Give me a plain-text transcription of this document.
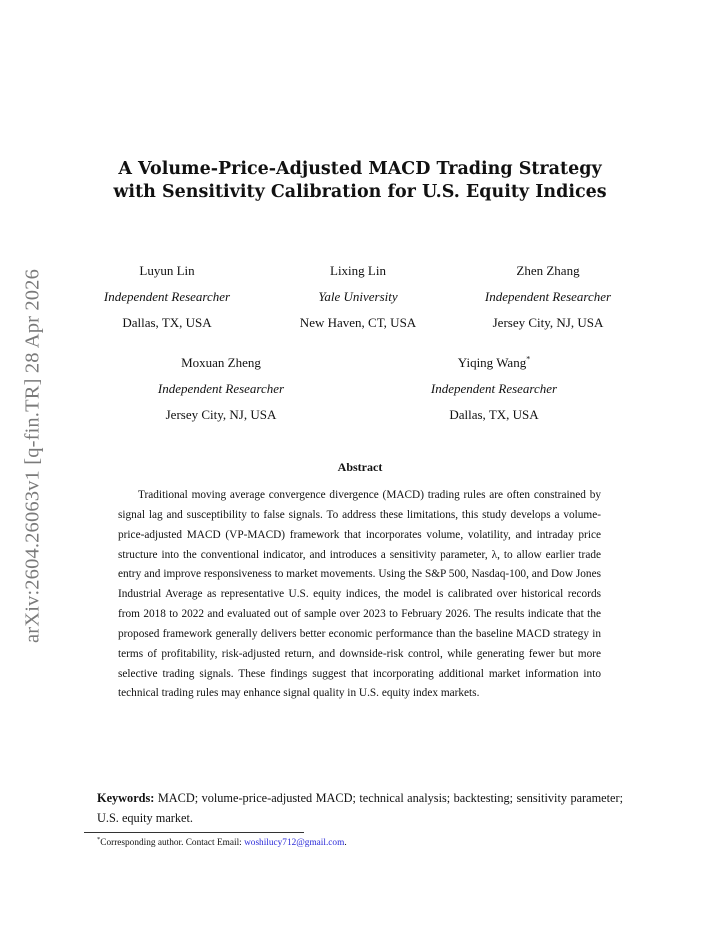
arXiv:2604.26063v1 [q-fin.TR] 28 Apr 2026
A Volume-Price-Adjusted MACD Trading Strategy
with Sensitivity Calibration for U.S. Equity Indices
Luyun Lin
Independent Researcher
Dallas, TX, USA
Lixing Lin
Yale University
New Haven, CT, USA
Zhen Zhang
Independent Researcher
Jersey City, NJ, USA
Moxuan Zheng
Independent Researcher
Jersey City, NJ, USA
Yiqing Wang*
Independent Researcher
Dallas, TX, USA
Abstract
Traditional moving average convergence divergence (MACD) trading rules are often constrained by signal lag and susceptibility to false signals. To address these limitations, this study develops a volume-price-adjusted MACD (VP-MACD) framework that incorporates volume, volatility, and intraday price structure into the conventional indicator, and introduces a sensitivity parameter, λ, to allow earlier trade entry and improve responsiveness to market movements. Using the S&P 500, Nasdaq-100, and Dow Jones Industrial Average as representative U.S. equity indices, the model is calibrated over historical records from 2018 to 2022 and evaluated out of sample over 2023 to February 2026. The results indicate that the proposed framework generally delivers better economic performance than the baseline MACD strategy in terms of profitability, risk-adjusted return, and downside-risk control, while generating fewer but more selective trading signals. These findings suggest that incorporating additional market information into technical trading rules may enhance signal quality in U.S. equity index markets.
Keywords: MACD; volume-price-adjusted MACD; technical analysis; backtesting; sensitivity parameter; U.S. equity market.
*Corresponding author. Contact Email: woshilucy712@gmail.com.
